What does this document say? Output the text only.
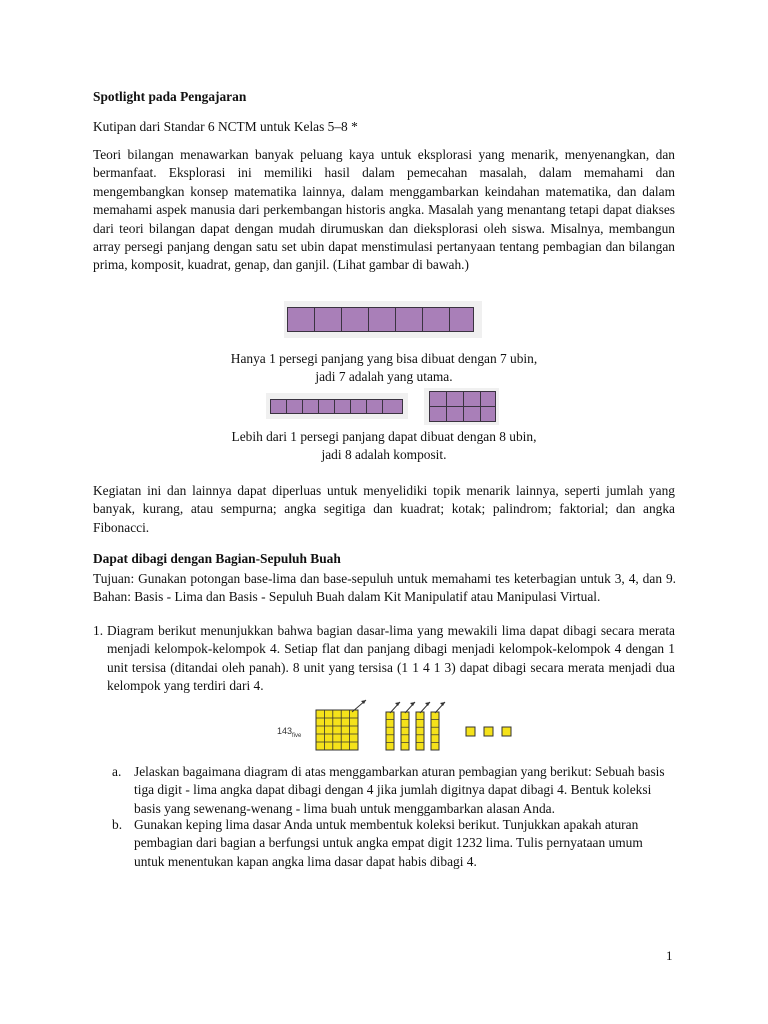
Spotlight pada Pengajaran
Kutipan dari Standar 6 NCTM untuk Kelas 5–8 *
Teori bilangan menawarkan banyak peluang kaya untuk eksplorasi yang menarik, menyenangkan, dan bermanfaat. Eksplorasi ini memiliki hasil dalam pemecahan masalah, dalam memahami dan mengembangkan konsep matematika lainnya, dalam menggambarkan keindahan matematika, dan dalam memahami aspek manusia dari perkembangan historis angka. Masalah yang menantang tetapi dapat diakses dari teori bilangan dapat dengan mudah dirumuskan dan dieksplorasi oleh siswa. Misalnya, membangun array persegi panjang dengan satu set ubin dapat menstimulasi pertanyaan tentang pembagian dan bilangan prima, komposit, kuadrat, genap, dan ganjil. (Lihat gambar di bawah.)
Hanya 1 persegi panjang yang bisa dibuat dengan 7 ubin, jadi 7 adalah yang utama.
Lebih dari 1 persegi panjang dapat dibuat dengan 8 ubin, jadi 8 adalah komposit.
Kegiatan ini dan lainnya dapat diperluas untuk menyelidiki topik menarik lainnya, seperti jumlah yang banyak, kurang, atau sempurna; angka segitiga dan kuadrat; kotak; palindrom; faktorial; dan angka Fibonacci.
Dapat dibagi dengan Bagian-Sepuluh Buah
Tujuan: Gunakan potongan base-lima dan base-sepuluh untuk memahami tes keterbagian untuk 3, 4, dan 9. Bahan: Basis - Lima dan Basis - Sepuluh Buah dalam Kit Manipulatif atau Manipulasi Virtual.
1. Diagram berikut menunjukkan bahwa bagian dasar-lima yang mewakili lima dapat dibagi secara merata menjadi kelompok-kelompok 4. Setiap flat dan panjang dibagi menjadi kelompok-kelompok 4 dengan 1 unit tersisa (ditandai oleh panah). 8 unit yang tersisa (1 1 4 1 3) dapat dibagi secara merata menjadi dua kelompok yang terdiri dari 4.
$143_{five}$
a. Jelaskan bagaimana diagram di atas menggambarkan aturan pembagian yang berikut: Sebuah basis tiga digit - lima angka dapat dibagi dengan 4 jika jumlah digitnya dapat dibagi 4. Bentuk koleksi basis yang sewenang-wenang - lima buah untuk menggambarkan alasan Anda.
b. Gunakan keping lima dasar Anda untuk membentuk koleksi berikut. Tunjukkan apakah aturan pembagian dari bagian a berfungsi untuk angka empat digit 1232 lima. Tulis pernyataan umum untuk menentukan kapan angka lima dasar dapat habis dibagi 4.
1
